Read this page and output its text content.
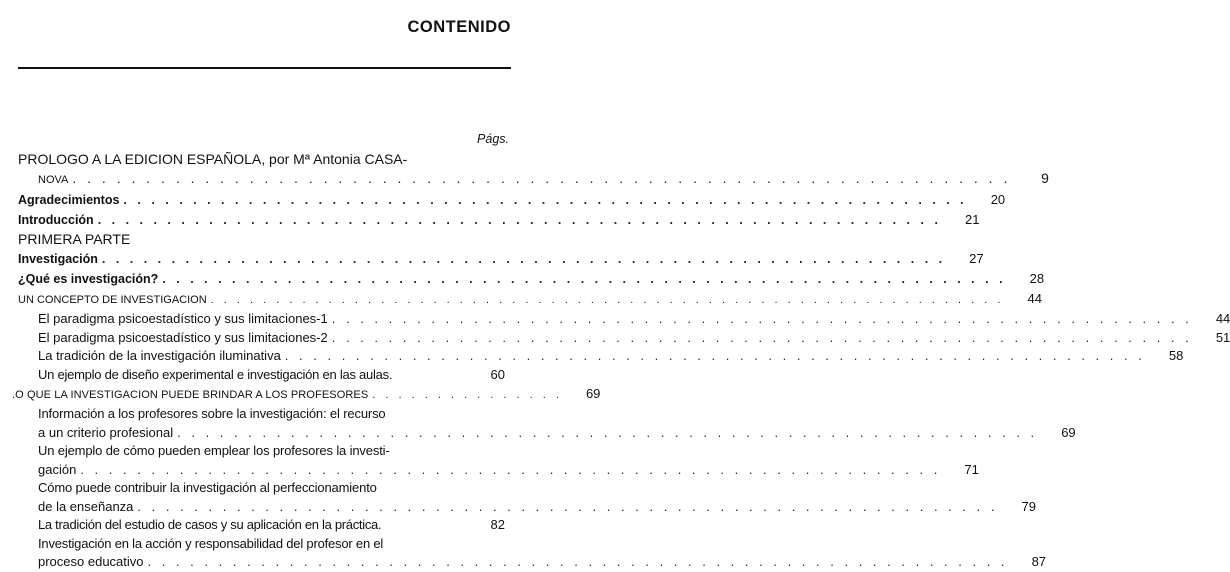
CONTENIDO
Págs.
PROLOGO A LA EDICION ESPAÑOLA, por Mª Antonia CASA-
NOVA . . . . . . . . . . . . . . . . . . . . . . . . . . . . . . . . . . . . . . . . . . . . . . . . . . . . . . . . . . . . . . . .	9
Agradecimientos . . . . . . . . . . . . . . . . . . . . . . . . . . . . . . . . . . . . . . . . . . . . . . . . . . . . . . . . . . . . .	20
Introducción . . . . . . . . . . . . . . . . . . . . . . . . . . . . . . . . . . . . . . . . . . . . . . . . . . . . . . . . . . . . .	21
PRIMERA PARTE
Investigación . . . . . . . . . . . . . . . . . . . . . . . . . . . . . . . . . . . . . . . . . . . . . . . . . . . . . . . . . . . . .	27
¿Qué es investigación? . . . . . . . . . . . . . . . . . . . . . . . . . . . . . . . . . . . . . . . . . . . . . . . . . . . . . . . . . . . . .	28
UN CONCEPTO DE INVESTIGACION . . . . . . . . . . . . . . . . . . . . . . . . . . . . . . . . . . . . . . . . . . . . . . . . . . . . . . . . . . . . .	44
El paradigma psicoestadístico y sus limitaciones-1 . . . . . . . . . . . . . . . . . . . . . . . . . . . . . . . . . . . . . . . . . . . . . . . . . . . . . . . . . . . . .	44
El paradigma psicoestadístico y sus limitaciones-2 . . . . . . . . . . . . . . . . . . . . . . . . . . . . . . . . . . . . . . . . . . . . . . . . . . . . . . . . . . . . .	51
La tradición de la investigación iluminativa . . . . . . . . . . . . . . . . . . . . . . . . . . . . . . . . . . . . . . . . . . . . . . . . . . . . . . . . . . . . .	58
Un ejemplo de diseño experimental e investigación en las aulas.	60
.O QUE LA INVESTIGACION PUEDE BRINDAR A LOS PROFESORES . . . . . . . . . . . . . . .	69
Información a los profesores sobre la investigación: el recurso
a un criterio profesional . . . . . . . . . . . . . . . . . . . . . . . . . . . . . . . . . . . . . . . . . . . . . . . . . . . . . . . . . . . . .	69
Un ejemplo de cómo pueden emplear los profesores la investi-
gación . . . . . . . . . . . . . . . . . . . . . . . . . . . . . . . . . . . . . . . . . . . . . . . . . . . . . . . . . . . . .	71
Cómo puede contribuir la investigación al perfeccionamiento
de la enseñanza . . . . . . . . . . . . . . . . . . . . . . . . . . . . . . . . . . . . . . . . . . . . . . . . . . . . . . . . . . . . .	79
La tradición del estudio de casos y su aplicación en la práctica.	82
Investigación en la acción y responsabilidad del profesor en el
proceso educativo . . . . . . . . . . . . . . . . . . . . . . . . . . . . . . . . . . . . . . . . . . . . . . . . . . . . . . . . . . . . .	87
